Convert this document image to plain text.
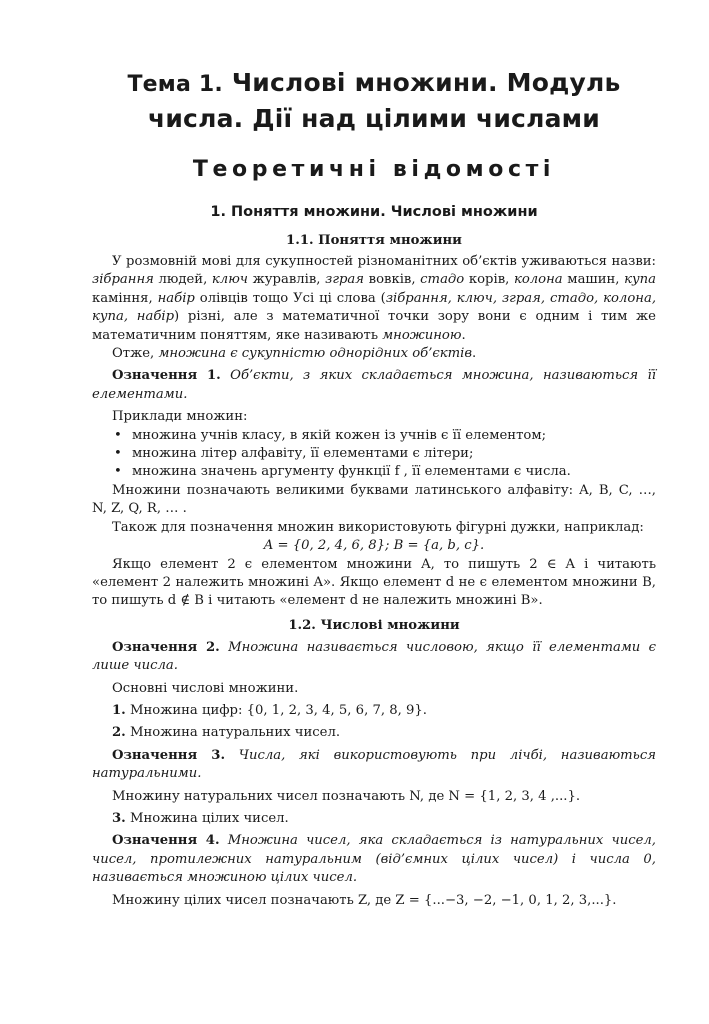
Тема 1. Числові множини. Модуль
числа. Дії над цілими числами
Теоретичні відомості
1. Поняття множини. Числові множини
1.1. Поняття множини

У розмовній мові для сукупностей різноманітних об’єктів уживаються назви: зібрання людей, ключ журавлів, зграя вовків, стадо корів, колона машин, купа каміння, набір олівців тощо Усі ці слова (зібрання, ключ, зграя, стадо, колона, купа, набір) різні, але з математичної точки зору вони є одним і тим же математичним поняттям, яке називають множиною.

Отже, множина є сукупністю однорідних об’єктів.

Означення 1. Об’єкти, з яких складається множина, називаються її елементами.

Приклади множин:

• множина учнів класу, в якій кожен із учнів є її елементом;
• множина літер алфавіту, її елементами є літери;
• множина значень аргументу функції f , її елементами є числа.

Множини позначають великими буквами латинського алфавіту: A, B, C, …, N, Z, Q, R, … .

Також для позначення множин використовують фігурні дужки, наприклад:

A = {0, 2, 4, 6, 8}; B = {a, b, c}.

Якщо елемент 2 є елементом множини A, то пишуть 2 ∈ A і читають «елемент 2 належить множині A». Якщо елемент d не є елементом множини B, то пишуть d ∉ B і читають «елемент d не належить множині B».

1.2. Числові множини

Означення 2. Множина називається числовою, якщо її елементами є лише числа.

Основні числові множини.

1. Множина цифр: {0, 1, 2, 3, 4, 5, 6, 7, 8, 9}.

2. Множина натуральних чисел.

Означення 3. Числа, які використовують при лічбі, називаються натуральними.

Множину натуральних чисел позначають N, де N = {1, 2, 3, 4 ,...}.

3. Множина цілих чисел.

Означення 4. Множина чисел, яка складається із натуральних чисел, чисел, протилежних натуральним (від’ємних цілих чисел) і числа 0, називається множиною цілих чисел.

Множину цілих чисел позначають Z, де Z = {...−3, −2, −1, 0, 1, 2, 3,...}.
